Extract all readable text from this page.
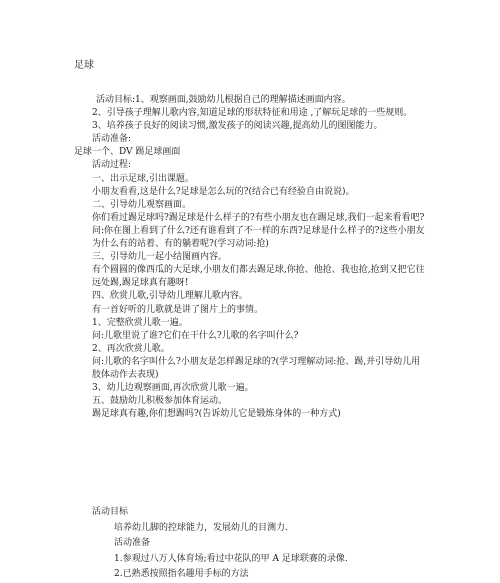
足球
活动目标:1、观察画面,鼓励幼儿根据自己的理解描述画面内容。
2、引导孩子理解儿歌内容,知道足球的形状特征和用途 ,了解玩足球的一些规则。
3、培养孩子良好的阅读习惯,激发孩子的阅读兴趣,提高幼儿的图图能力。
活动准备:
足球一个、DV 踢足球画面
活动过程:
一、出示足球,引出课题。
小朋友看看,这是什么?足球是怎么玩的?(结合已有经验自由说说)。
二、引导幼儿观察画面。
你们看过踢足球吗?踢足球是什么样子的?有些小朋友也在踢足球,我们一起来看看吧?
问:你在图上看到了什么?还有谁看到了不一样的东西?足球是什么样子的?这些小朋友为什么有的站着、有的躺着呢?(学习动词:抢)
三、引导幼儿一起小结图画内容。
有个圆圆的像西瓜的大足球,小朋友们都去踢足球,你抢、他抢、我也抢,抢到又把它往远处踢,踢足球真有趣呀!
四、欣赏儿歌,引导幼儿理解儿歌内容。
有一首好听的儿歌就是讲了图片上的事情。
1、完整欣赏儿歌一遍。
问:儿歌里说了谁?它们在干什么?儿歌的名字叫什么?
2、再次欣赏儿歌。
问:儿歌的名字叫什么?小朋友是怎样踢足球的?(学习理解动词:抢、踢,并引导幼儿用肢体动作去表现)
3、幼儿边观察画面,再次欣赏儿歌一遍。
五、鼓励幼儿积极参加体育运动。
踢足球真有趣,你们想踢吗?(告诉幼儿它是锻炼身体的一种方式)
活动目标
培养幼儿脚的控球能力，发展幼儿的目测力.
活动准备
1.参观过八万人体育场;看过中花队的甲 A 足球联赛的录像.
2.已熟悉按照指名趣用手标的方法
